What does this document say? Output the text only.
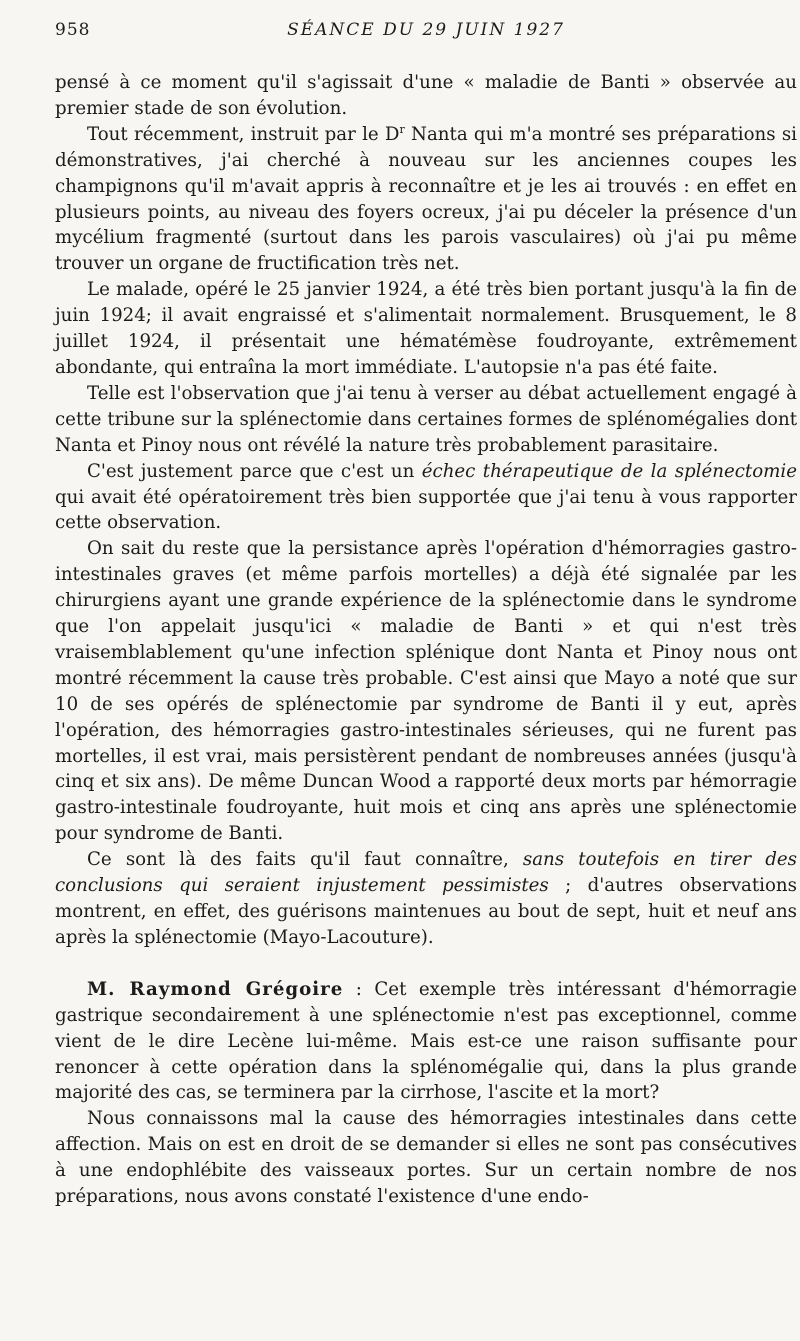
958	SÉANCE DU 29 JUIN 1927

pensé à ce moment qu'il s'agissait d'une « maladie de Banti » observée au premier stade de son évolution.

Tout récemment, instruit par le $D^r$ Nanta qui m'a montré ses préparations si démonstratives, j'ai cherché à nouveau sur les anciennes coupes les champignons qu'il m'avait appris à reconnaître et je les ai trouvés : en effet en plusieurs points, au niveau des foyers ocreux, j'ai pu déceler la présence d'un mycélium fragmenté (surtout dans les parois vasculaires) où j'ai pu même trouver un organe de fructification très net.

Le malade, opéré le 25 janvier 1924, a été très bien portant jusqu'à la fin de juin 1924; il avait engraissé et s'alimentait normalement. Brusquement, le 8 juillet 1924, il présentait une hématémèse foudroyante, extrêmement abondante, qui entraîna la mort immédiate. L'autopsie n'a pas été faite.

Telle est l'observation que j'ai tenu à verser au débat actuellement engagé à cette tribune sur la splénectomie dans certaines formes de splénomégalies dont Nanta et Pinoy nous ont révélé la nature très probablement parasitaire.

C'est justement parce que c'est un échec thérapeutique de la splénectomie qui avait été opératoirement très bien supportée que j'ai tenu à vous rapporter cette observation.

On sait du reste que la persistance après l'opération d'hémorragies gastro-intestinales graves (et même parfois mortelles) a déjà été signalée par les chirurgiens ayant une grande expérience de la splénectomie dans le syndrome que l'on appelait jusqu'ici « maladie de Banti » et qui n'est très vraisemblablement qu'une infection splénique dont Nanta et Pinoy nous ont montré récemment la cause très probable. C'est ainsi que Mayo a noté que sur 10 de ses opérés de splénectomie par syndrome de Banti il y eut, après l'opération, des hémorragies gastro-intestinales sérieuses, qui ne furent pas mortelles, il est vrai, mais persistèrent pendant de nombreuses années (jusqu'à cinq et six ans). De même Duncan Wood a rapporté deux morts par hémorragie gastro-intestinale foudroyante, huit mois et cinq ans après une splénectomie pour syndrome de Banti.

Ce sont là des faits qu'il faut connaître, sans toutefois en tirer des conclusions qui seraient injustement pessimistes ; d'autres observations montrent, en effet, des guérisons maintenues au bout de sept, huit et neuf ans après la splénectomie (Mayo-Lacouture).

M. Raymond Grégoire : Cet exemple très intéressant d'hémorragie gastrique secondairement à une splénectomie n'est pas exceptionnel, comme vient de le dire Lecène lui-même. Mais est-ce une raison suffisante pour renoncer à cette opération dans la splénomégalie qui, dans la plus grande majorité des cas, se terminera par la cirrhose, l'ascite et la mort?

Nous connaissons mal la cause des hémorragies intestinales dans cette affection. Mais on est en droit de se demander si elles ne sont pas consécutives à une endophlébite des vaisseaux portes. Sur un certain nombre de nos préparations, nous avons constaté l'existence d'une endo-
